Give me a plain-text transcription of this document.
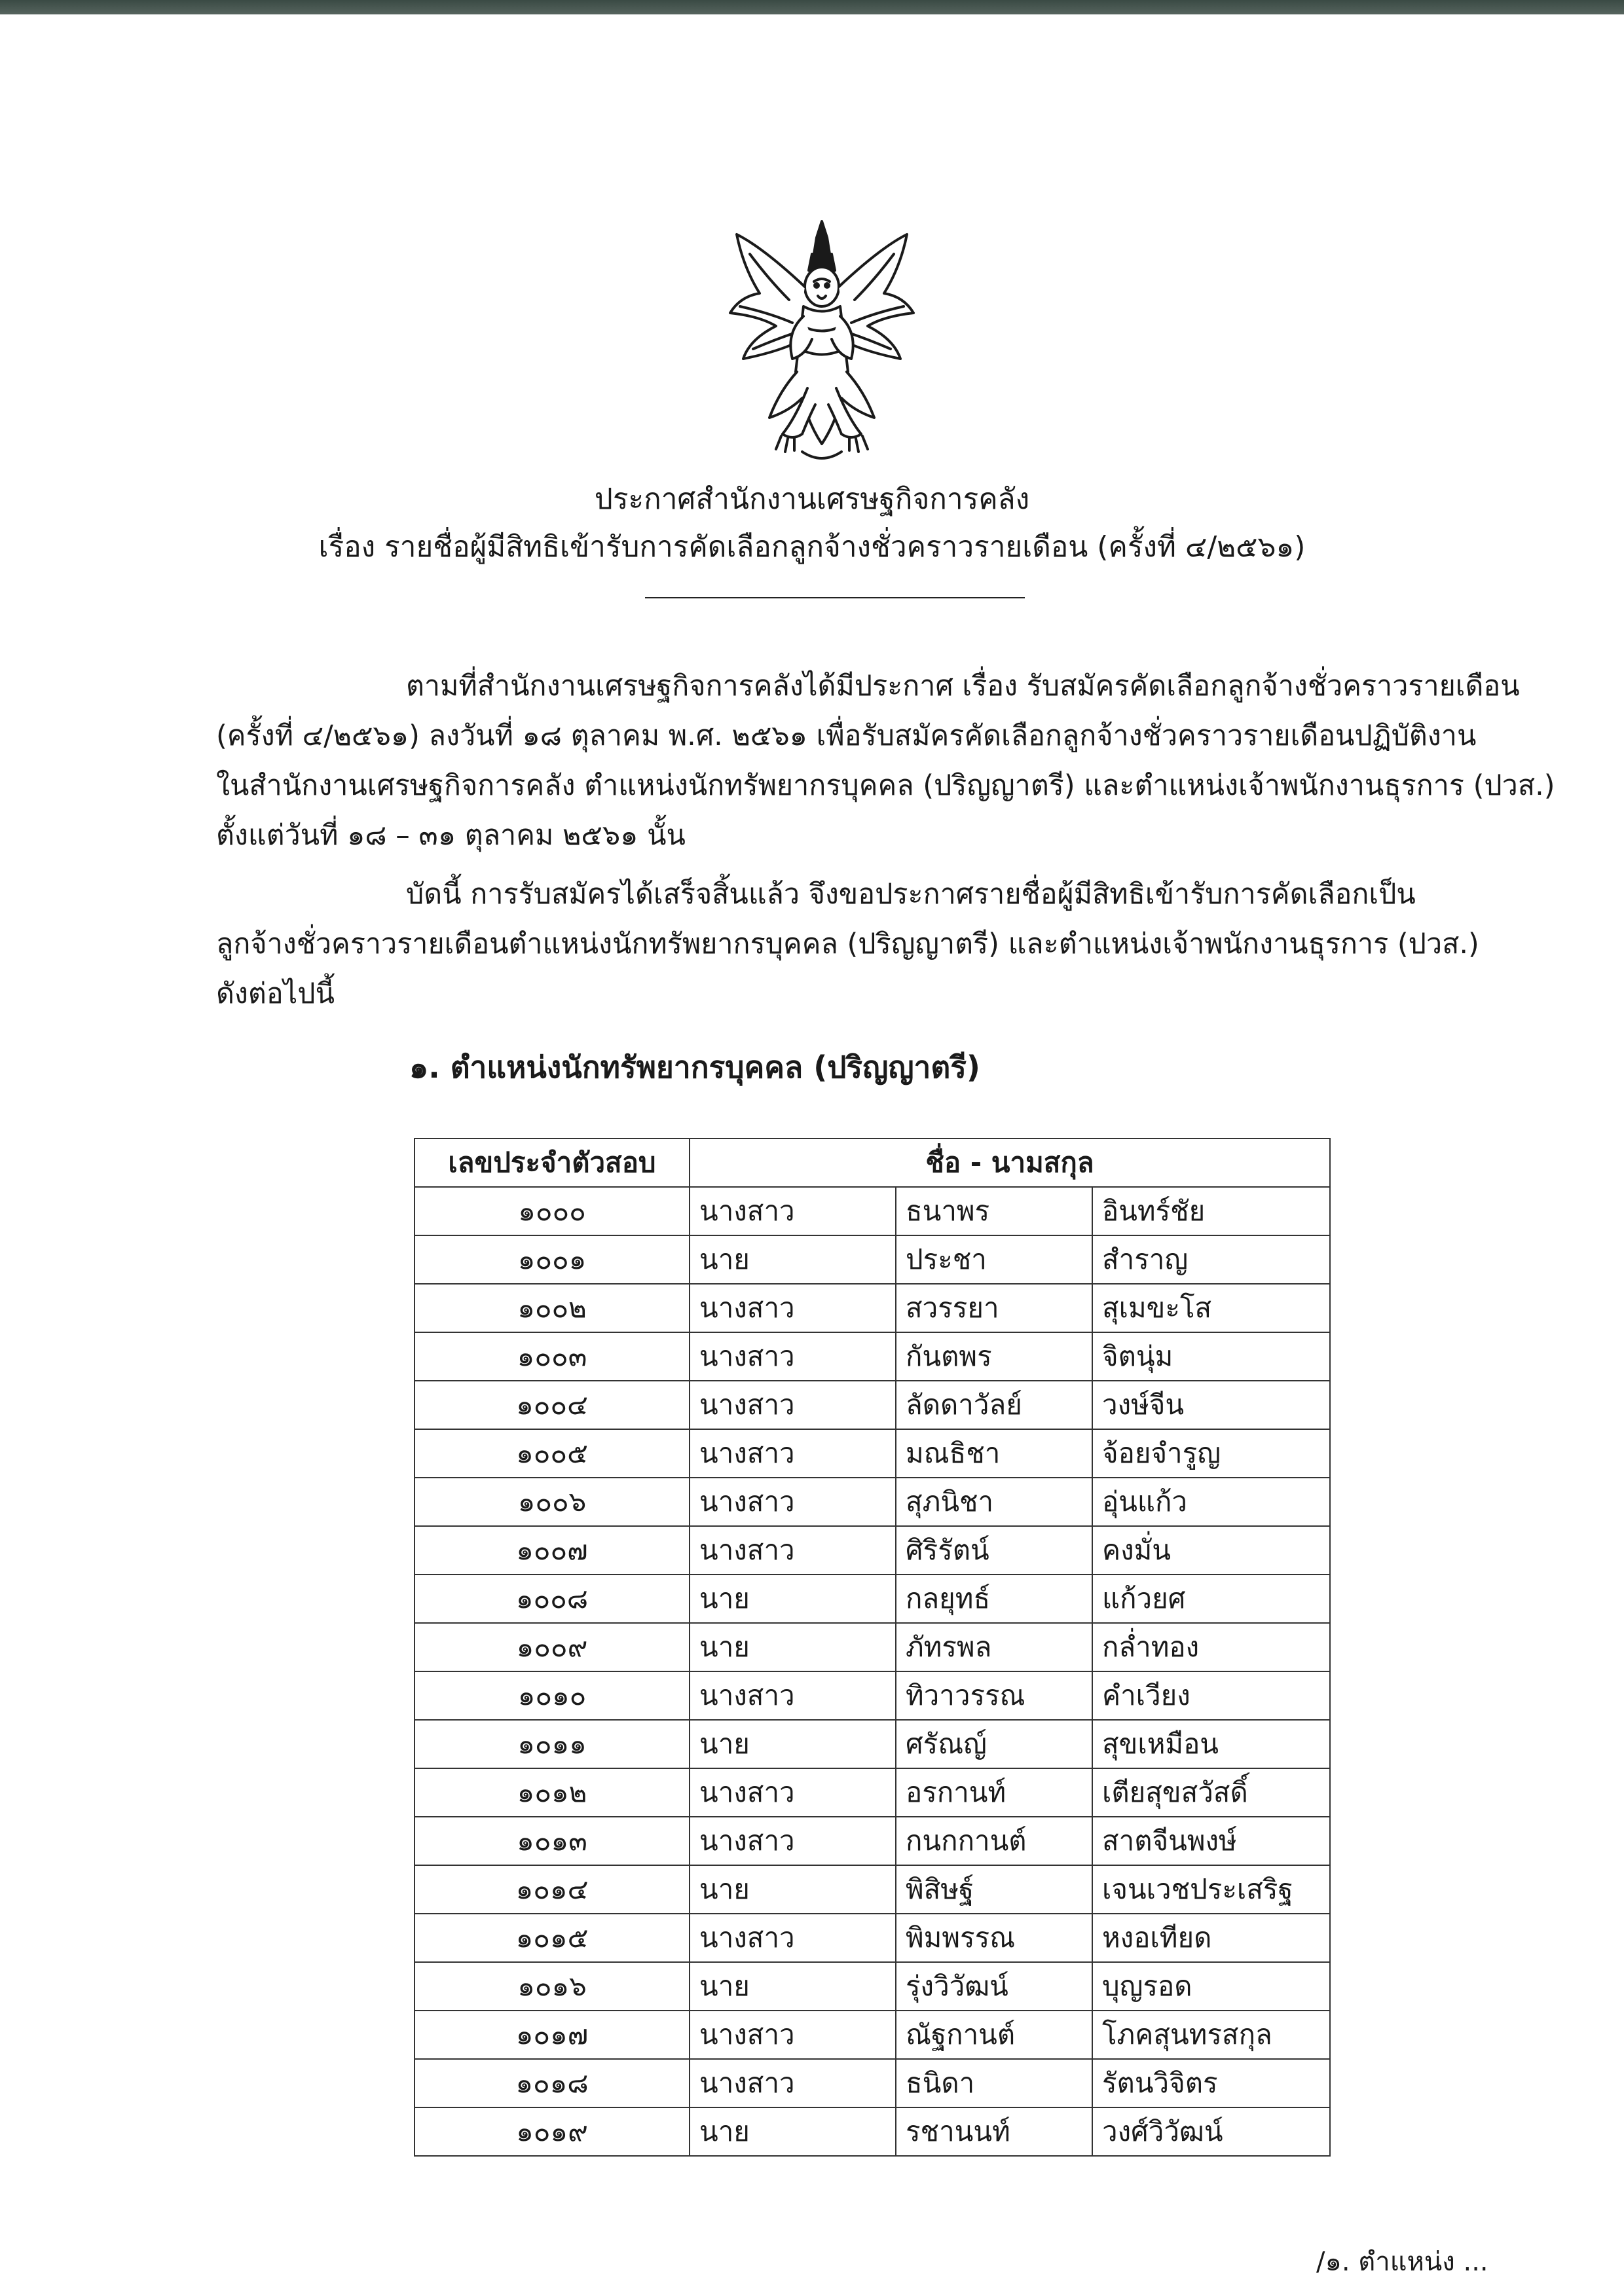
ประกาศสำนักงานเศรษฐกิจการคลัง
เรื่อง รายชื่อผู้มีสิทธิเข้ารับการคัดเลือกลูกจ้างชั่วคราวรายเดือน (ครั้งที่ ๔/๒๕๖๑)
ตามที่สำนักงานเศรษฐกิจการคลังได้มีประกาศ เรื่อง รับสมัครคัดเลือกลูกจ้างชั่วคราวรายเดือน
(ครั้งที่ ๔/๒๕๖๑) ลงวันที่ ๑๘ ตุลาคม พ.ศ. ๒๕๖๑ เพื่อรับสมัครคัดเลือกลูกจ้างชั่วคราวรายเดือนปฏิบัติงาน
ในสำนักงานเศรษฐกิจการคลัง ตำแหน่งนักทรัพยากรบุคคล (ปริญญาตรี) และตำแหน่งเจ้าพนักงานธุรการ (ปวส.)
ตั้งแต่วันที่ ๑๘ – ๓๑ ตุลาคม ๒๕๖๑ นั้น
บัดนี้ การรับสมัครได้เสร็จสิ้นแล้ว จึงขอประกาศรายชื่อผู้มีสิทธิเข้ารับการคัดเลือกเป็น
ลูกจ้างชั่วคราวรายเดือนตำแหน่งนักทรัพยากรบุคคล (ปริญญาตรี) และตำแหน่งเจ้าพนักงานธุรการ (ปวส.)
ดังต่อไปนี้
๑. ตำแหน่งนักทรัพยากรบุคคล (ปริญญาตรี)
เลขประจำตัวสอบ	ชื่อ - นามสกุล		
๑๐๐๐	นางสาว	ธนาพร	อินทร์ชัย
๑๐๐๑	นาย	ประชา	สำราญ
๑๐๐๒	นางสาว	สวรรยา	สุเมขะโส
๑๐๐๓	นางสาว	กันตพร	จิตนุ่ม
๑๐๐๔	นางสาว	ลัดดาวัลย์	วงษ์จีน
๑๐๐๕	นางสาว	มณธิชา	จ้อยจำรูญ
๑๐๐๖	นางสาว	สุภนิชา	อุ่นแก้ว
๑๐๐๗	นางสาว	ศิริรัตน์	คงมั่น
๑๐๐๘	นาย	กลยุทธ์	แก้วยศ
๑๐๐๙	นาย	ภัทรพล	กล่ำทอง
๑๐๑๐	นางสาว	ทิวาวรรณ	คำเวียง
๑๐๑๑	นาย	ศรัณญ์	สุขเหมือน
๑๐๑๒	นางสาว	อรกานท์	เตียสุขสวัสดิ์
๑๐๑๓	นางสาว	กนกกานต์	สาตจีนพงษ์
๑๐๑๔	นาย	พิสิษฐ์	เจนเวชประเสริฐ
๑๐๑๕	นางสาว	พิมพรรณ	หงอเทียด
๑๐๑๖	นาย	รุ่งวิวัฒน์	บุญรอด
๑๐๑๗	นางสาว	ณัฐกานต์	โภคสุนทรสกุล
๑๐๑๘	นางสาว	ธนิดา	รัตนวิจิตร
๑๐๑๙	นาย	รชานนท์	วงศ์วิวัฒน์
/๑. ตำแหน่ง ...
